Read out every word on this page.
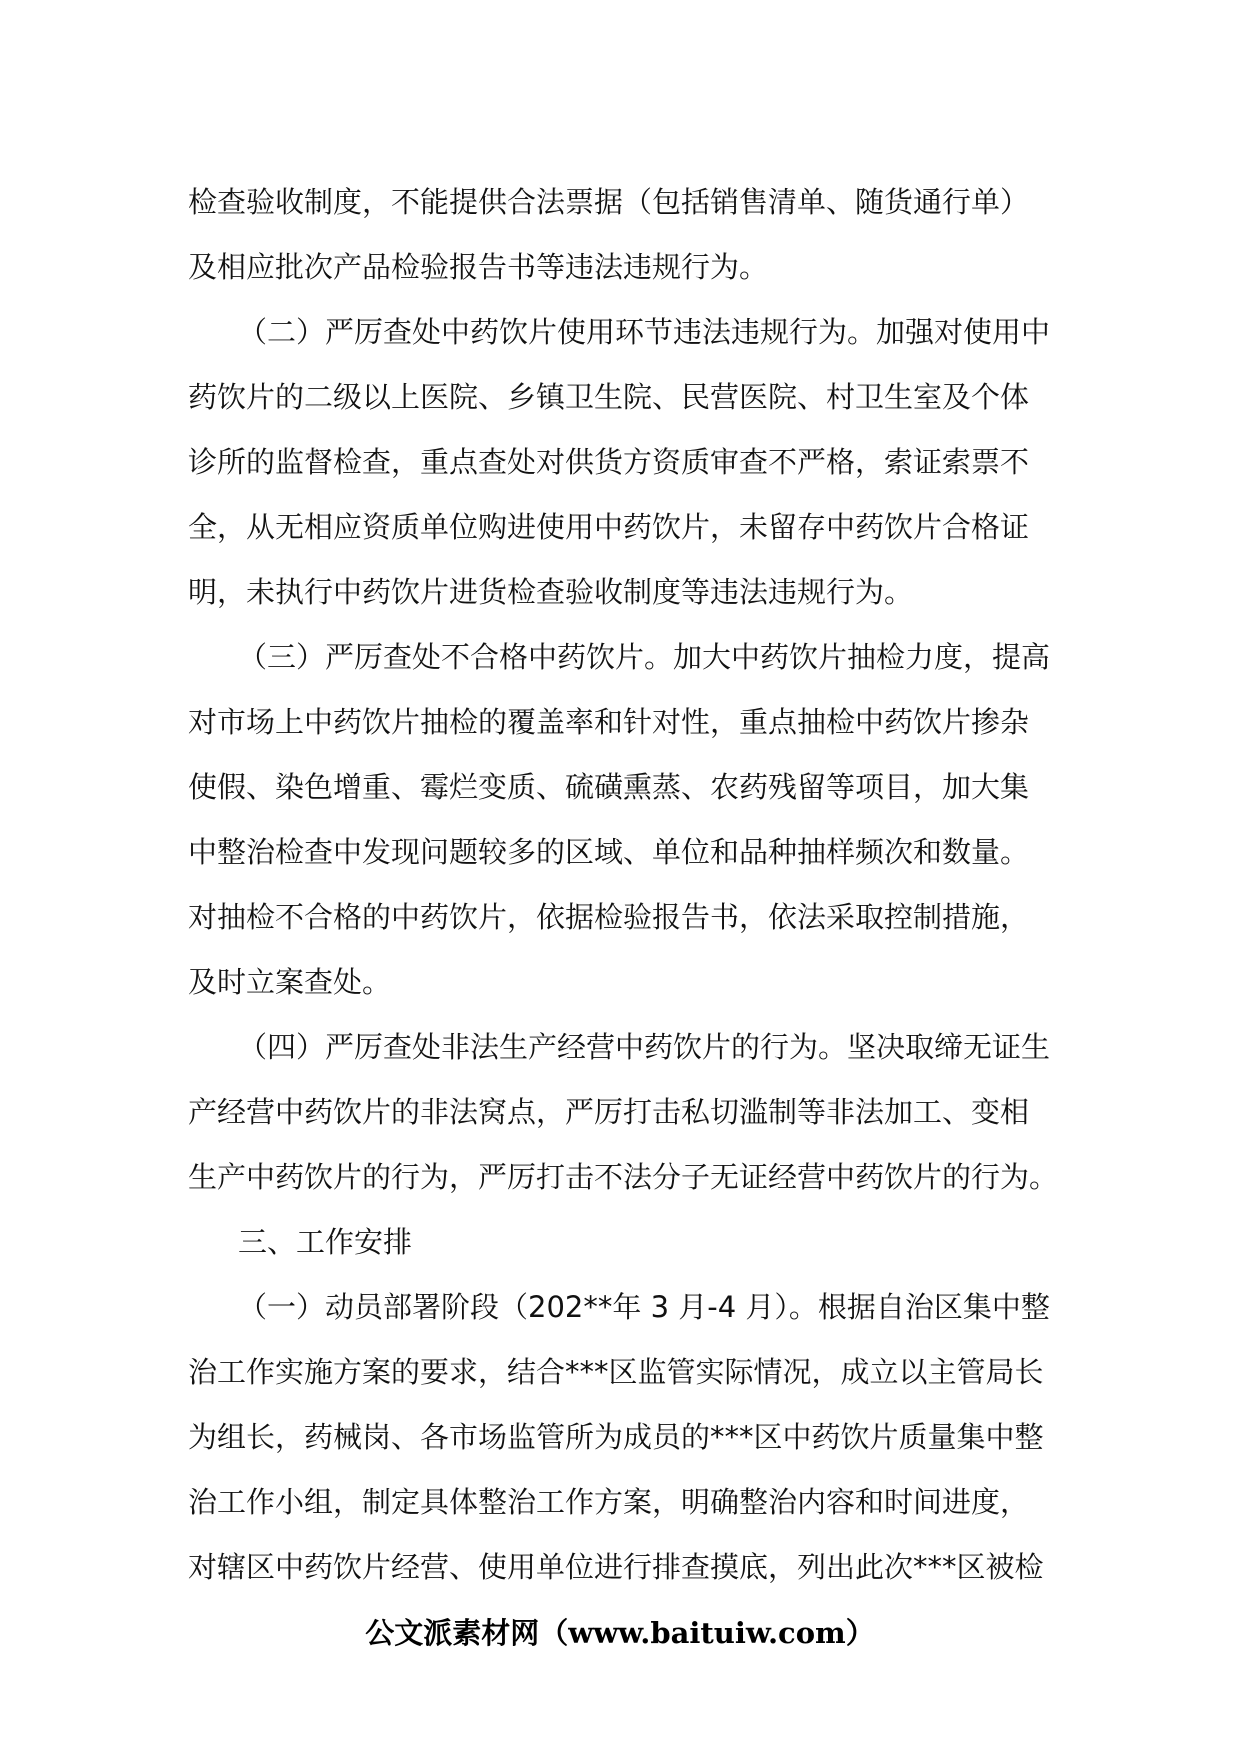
检查验收制度，不能提供合法票据（包括销售清单、随货通行单）
及相应批次产品检验报告书等违法违规行为。
（二）严厉查处中药饮片使用环节违法违规行为。加强对使用中
药饮片的二级以上医院、乡镇卫生院、民营医院、村卫生室及个体
诊所的监督检查，重点查处对供货方资质审查不严格，索证索票不
全，从无相应资质单位购进使用中药饮片，未留存中药饮片合格证
明，未执行中药饮片进货检查验收制度等违法违规行为。
（三）严厉查处不合格中药饮片。加大中药饮片抽检力度，提高
对市场上中药饮片抽检的覆盖率和针对性，重点抽检中药饮片掺杂
使假、染色增重、霉烂变质、硫磺熏蒸、农药残留等项目，加大集
中整治检查中发现问题较多的区域、单位和品种抽样频次和数量。
对抽检不合格的中药饮片，依据检验报告书，依法采取控制措施，
及时立案查处。
（四）严厉查处非法生产经营中药饮片的行为。坚决取缔无证生
产经营中药饮片的非法窝点，严厉打击私切滥制等非法加工、变相
生产中药饮片的行为，严厉打击不法分子无证经营中药饮片的行为。
三、工作安排
（一）动员部署阶段（202**年 3 月-4 月）。根据自治区集中整
治工作实施方案的要求，结合***区监管实际情况，成立以主管局长
为组长，药械岗、各市场监管所为成员的***区中药饮片质量集中整
治工作小组，制定具体整治工作方案，明确整治内容和时间进度，
对辖区中药饮片经营、使用单位进行排查摸底，列出此次***区被检
公文派素材网（www.baituiw.com）
